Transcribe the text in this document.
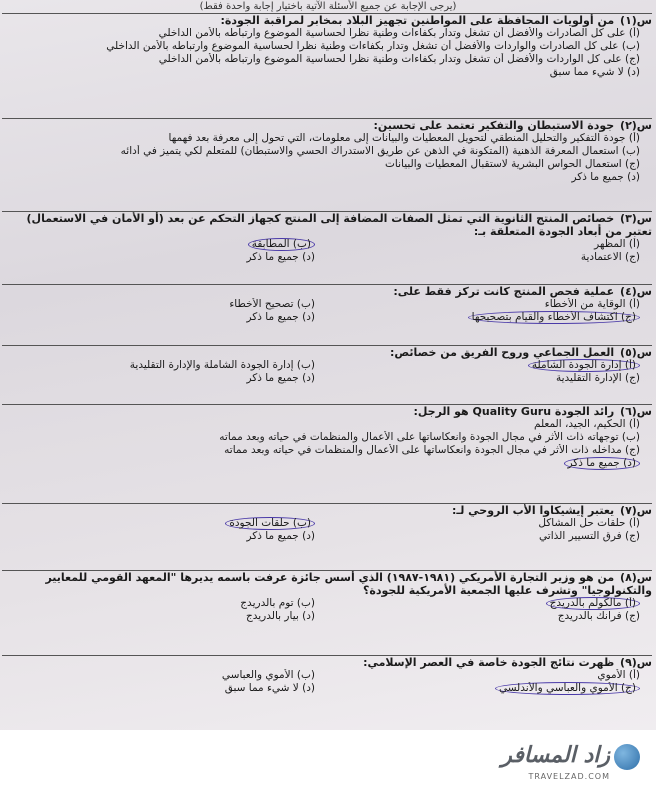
(يرجى الإجابة عن جميع الأسئلة الآتية باختيار إجابة واحدة فقط)
س(١) من أولويات المحافظة على المواطنين تجهيز البلاد بمخابر لمراقبة الجودة:
(أ) على كل الصادرات والأفضل أن تشغل وتدار بكفاءات وطنية نظراً لحساسية الموضوع وارتباطه بالأمن الداخلي
(ب) على كل الصادرات والواردات والأفضل أن تشغل وتدار بكفاءات وطنية نظراً لحساسية الموضوع وارتباطه بالأمن الداخلي
(ج) على كل الواردات والأفضل أن تشغل وتدار بكفاءات وطنية نظرا لحساسية الموضوع وارتباطه بالأمن الداخلي
(د) لا شيء مما سبق
س(٢) جودة الاستبطان والتفكير تعتمد على تحسين:
(أ) جودة التفكير والتحليل المنطقي لتحويل المعطيات والبيانات إلى معلومات، التي تحول إلى معرفة بعد فهمها
(ب) استعمال المعرفة الذهنية (المتكونة في الذهن عن طريق الاستدراك الحسي والاستبطان) للمتعلم لكي يتميز في أدائه
(ج) استعمال الحواس البشرية لاستقبال المعطيات والبيانات
(د) جميع ما ذكر
س(٣) خصائص المنتج الثانوية التي تمثل الصفات المضافة إلى المنتج كجهاز التحكم عن بعد (أو الأمان في الاستعمال) تعتبر من أبعاد الجودة المتعلقة بـ:
(أ) المظهر
(ب) المطابقة
(ج) الاعتمادية
(د) جميع ما ذكر
س(٤) عملية فحص المنتج كانت تركز فقط على:
(أ) الوقاية من الأخطاء
(ب) تصحيح الأخطاء
(ج) اكتشاف الأخطاء والقيام بتصحيحها
(د) جميع ما ذكر
س(٥) العمل الجماعي وروح الفريق من خصائص:
(أ) إدارة الجودة الشاملة
(ب) إدارة الجودة الشاملة والإدارة التقليدية
(ج) الإدارة التقليدية
(د) جميع ما ذكر
س(٦) رائد الجودة Quality Guru هو الرجل:
(أ) الحكيم، الجيد، المعلم
(ب) توجهاته ذات الأثر في مجال الجودة وانعكاساتها على الأعمال والمنظمات في حياته وبعد مماته
(ج) مداخله ذات الأثر في مجال الجودة وانعكاساتها على الأعمال والمنظمات في حياته وبعد مماته
(د) جميع ما ذكر
س(٧) يعتبر إيشيكاوا الأب الروحي لـ:
(أ) حلقات حل المشاكل
(ب) حلقات الجودة
(ج) فرق التسيير الذاتي
(د) جميع ما ذكر
س(٨) من هو وزير التجارة الأمريكي (١٩٨١-١٩٨٧) الذي أسس جائزة عرفت باسمه يديرها "المعهد القومي للمعايير والتكنولوجيا" وتشرف عليها الجمعية الأمريكية للجودة؟
(أ) مالكولم بالدريدج
(ب) توم بالدريدج
(ج) فرانك بالدريدج
(د) بيار بالدريدج
س(٩) ظهرت نتائج الجودة خاصة في العصر الإسلامي:
(أ) الأموي
(ب) الأموي والعباسي
(ج) الأموي والعباسي والأندلسي
(د) لا شيء مما سبق
زاد المسافر
TRAVELZAD.COM
